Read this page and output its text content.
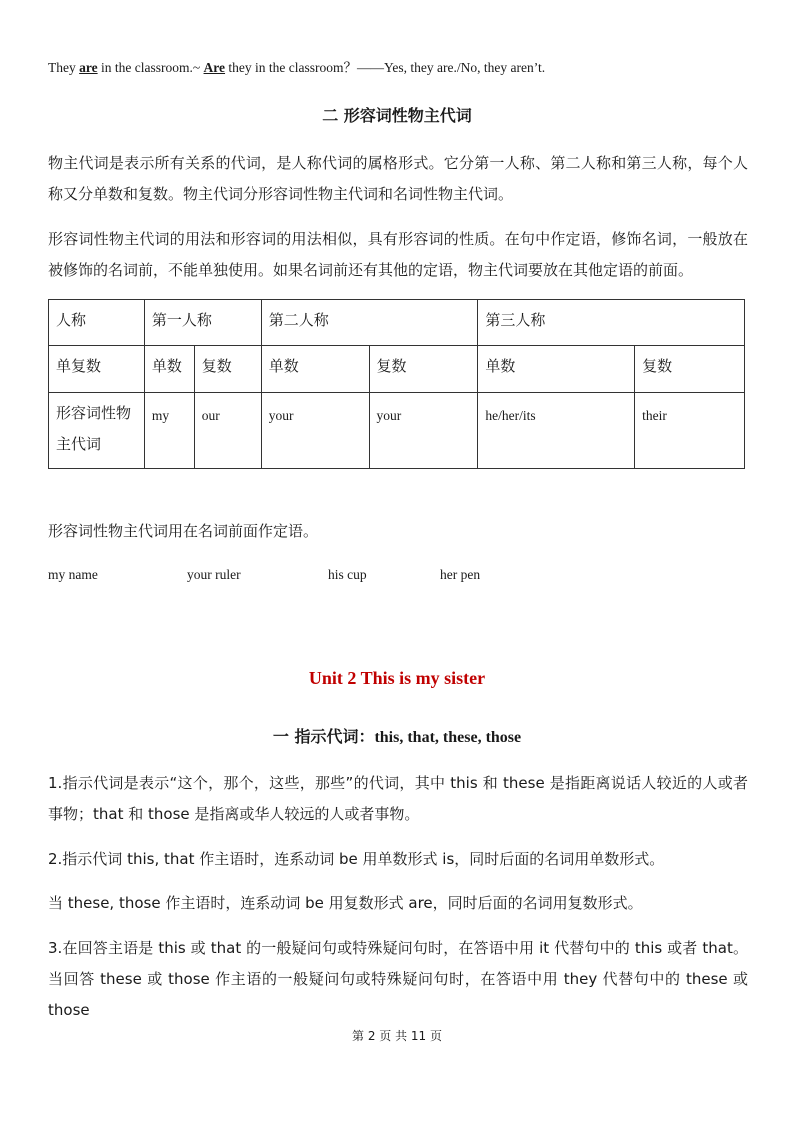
They are in the classroom.~ Are they in the classroom？——Yes, they are./No, they aren’t.
二 形容词性物主代词
物主代词是表示所有关系的代词，是人称代词的属格形式。它分第一人称、第二人称和第三人称，每个人称又分单数和复数。物主代词分形容词性物主代词和名词性物主代词。
形容词性物主代词的用法和形容词的用法相似，具有形容词的性质。在句中作定语，修饰名词，一般放在被修饰的名词前，不能单独使用。如果名词前还有其他的定语，物主代词要放在其他定语的前面。
人称	第一人称		第二人称		第三人称	
单复数	单数	复数	单数	复数	单数	复数
形容词性物主代词	my	our	your	your	he/her/its	their
形容词性物主代词用在名词前面作定语。
my name	your ruler	his cup	her pen
Unit 2 This is my sister
一 指示代词：this, that, these, those
1.指示代词是表示“这个，那个，这些，那些”的代词，其中 this 和 these 是指距离说话人较近的人或者事物；that 和 those 是指离或华人较远的人或者事物。
2.指示代词 this, that 作主语时，连系动词 be 用单数形式 is，同时后面的名词用单数形式。
当 these, those 作主语时，连系动词 be 用复数形式 are，同时后面的名词用复数形式。
3.在回答主语是 this 或 that 的一般疑问句或特殊疑问句时，在答语中用 it 代替句中的 this 或者 that。当回答 these 或 those 作主语的一般疑问句或特殊疑问句时，在答语中用 they 代替句中的 these 或 those
第 2 页 共 11 页
